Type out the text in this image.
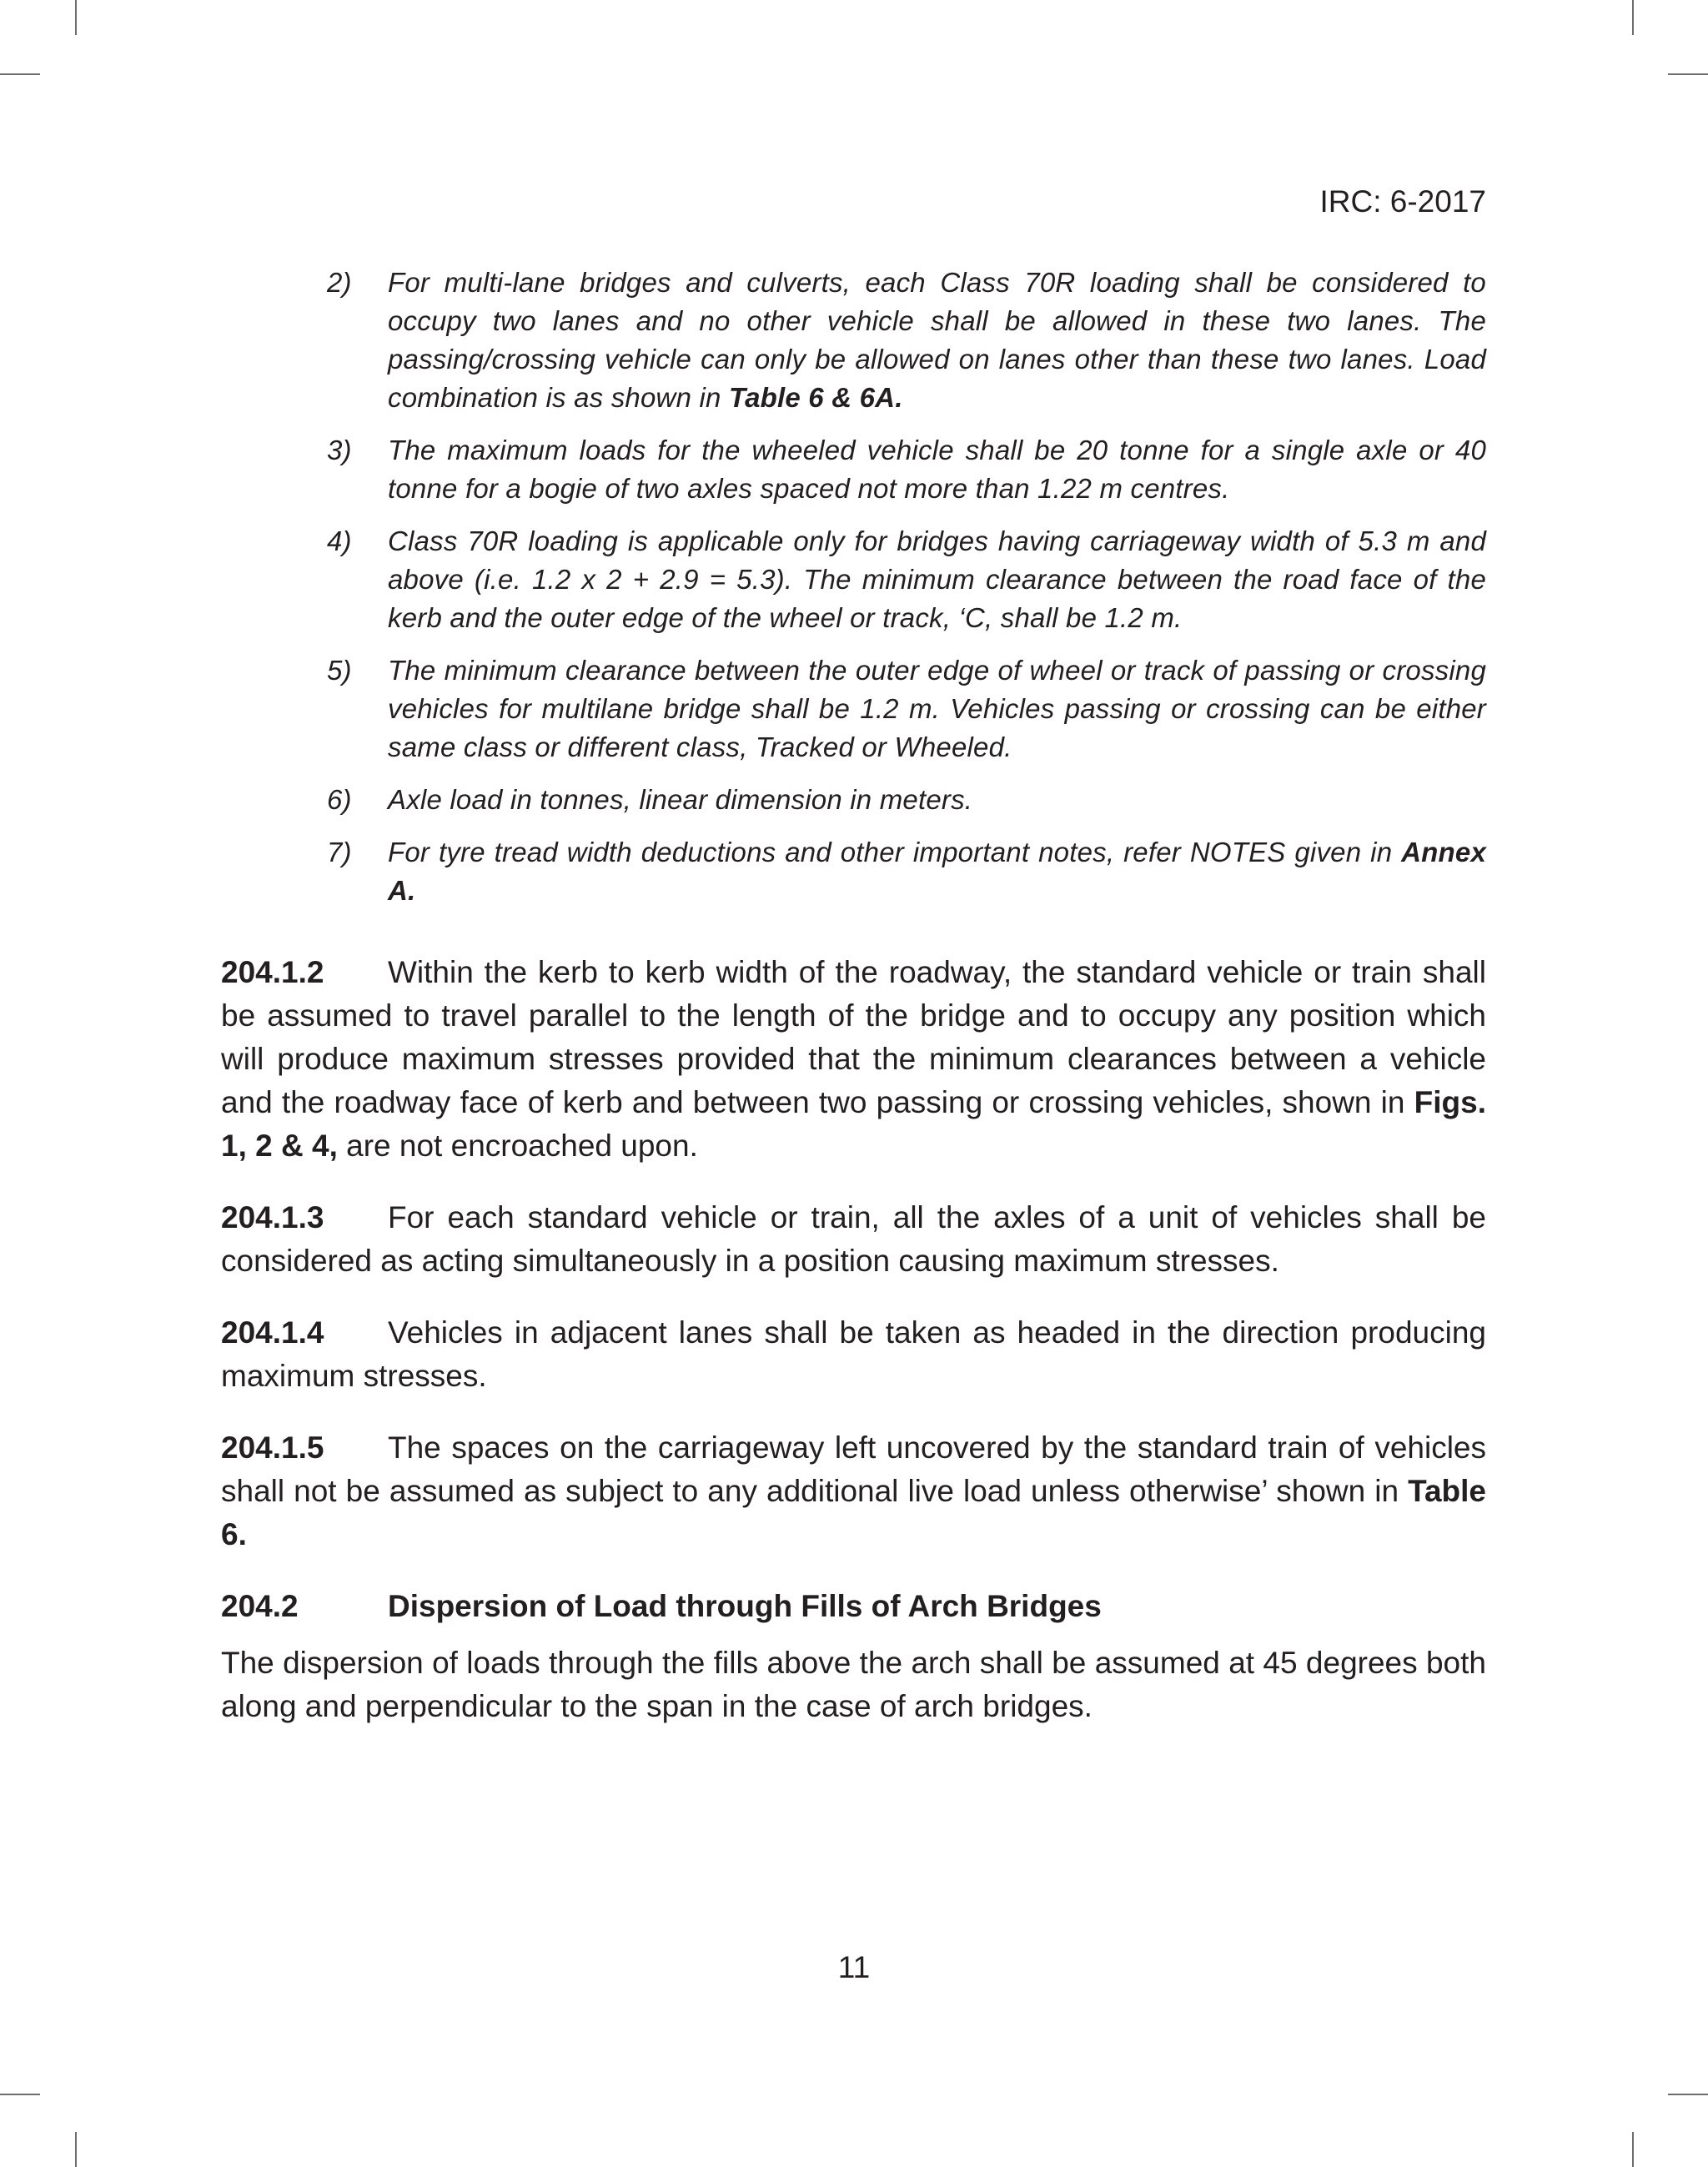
IRC: 6-2017
2) For multi-lane bridges and culverts, each Class 70R loading shall be considered to occupy two lanes and no other vehicle shall be allowed in these two lanes. The passing/crossing vehicle can only be allowed on lanes other than these two lanes. Load combination is as shown in Table 6 & 6A.
3) The maximum loads for the wheeled vehicle shall be 20 tonne for a single axle or 40 tonne for a bogie of two axles spaced not more than 1.22 m centres.
4) Class 70R loading is applicable only for bridges having carriageway width of 5.3 m and above (i.e. 1.2 x 2 + 2.9 = 5.3). The minimum clearance between the road face of the kerb and the outer edge of the wheel or track, ‘C, shall be 1.2 m.
5) The minimum clearance between the outer edge of wheel or track of passing or crossing vehicles for multilane bridge shall be 1.2 m. Vehicles passing or crossing can be either same class or different class, Tracked or Wheeled.
6) Axle load in tonnes, linear dimension in meters.
7) For tyre tread width deductions and other important notes, refer NOTES given in Annex A.

204.1.2 Within the kerb to kerb width of the roadway, the standard vehicle or train shall be assumed to travel parallel to the length of the bridge and to occupy any position which will produce maximum stresses provided that the minimum clearances between a vehicle and the roadway face of kerb and between two passing or crossing vehicles, shown in Figs. 1, 2 & 4, are not encroached upon.

204.1.3 For each standard vehicle or train, all the axles of a unit of vehicles shall be considered as acting simultaneously in a position causing maximum stresses.

204.1.4 Vehicles in adjacent lanes shall be taken as headed in the direction producing maximum stresses.

204.1.5 The spaces on the carriageway left uncovered by the standard train of vehicles shall not be assumed as subject to any additional live load unless otherwise’ shown in Table 6.

204.2	Dispersion of Load through Fills of Arch Bridges

The dispersion of loads through the fills above the arch shall be assumed at 45 degrees both along and perpendicular to the span in the case of arch bridges.

11
